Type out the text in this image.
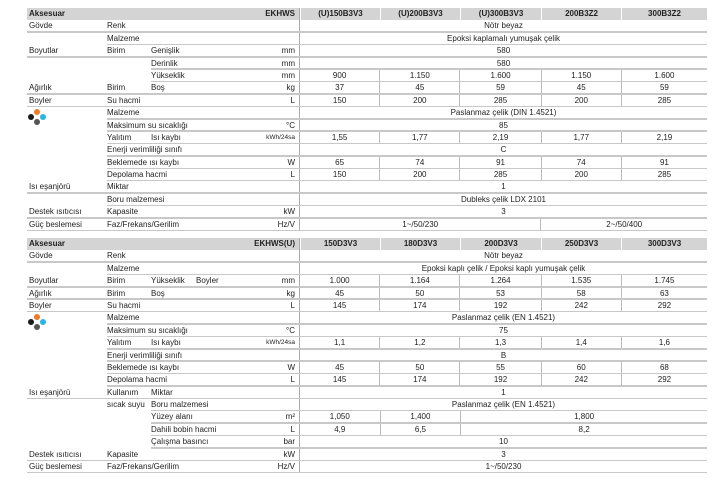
Aksesuar	EKHWS	(U)150B3V3	(U)200B3V3	(U)300B3V3	200B3Z2	300B3Z2
Gövde	Renk	Nötr beyaz
Malzeme	Epoksi kaplamalı yumuşak çelik
Boyutlar	Birim	Genişlik	mm	580
Derinlik	mm	580
Yükseklik	mm	900	1.150	1.600	1.150	1.600
Ağırlık	Birim	Boş	kg	37	45	59	45	59
Boyler	Su hacmi	L	150	200	285	200	285
Malzeme	Paslanmaz çelik (DIN 1.4521)
Maksimum su sıcaklığı	°C	85
Yalıtım Isı kaybı	kWh/24sa	1,55	1,77	2,19	1,77	2,19
Enerji verimliliği sınıfı	C
Beklemede ısı kaybı	W	65	74	91	74	91
Depolama hacmi	L	150	200	285	200	285
Isı eşanjörü	Miktar	1
Boru malzemesi	Dubleks çelik LDX 2101
Destek ısıtıcısı	Kapasite	kW	3
Güç beslemesi	Faz/Frekans/Gerilim	Hz/V	1~/50/230	2~/50/400
Aksesuar	EKHWS(U)	150D3V3	180D3V3	200D3V3	250D3V3	300D3V3
Gövde	Renk	Nötr beyaz
Malzeme	Epoksi kaplı çelik / Epoksi kaplı yumuşak çelik
Boyutlar	Birim	Yükseklik Boyler	mm	1.000	1.164	1.264	1.535	1.745
Ağırlık	Birim	Boş	kg	45	50	53	58	63
Boyler	Su hacmi	L	145	174	192	242	292
Malzeme	Paslanmaz çelik (EN 1.4521)
Maksimum su sıcaklığı	°C	75
Yalıtım Isı kaybı	kWh/24sa	1,1	1,2	1,3	1,4	1,6
Enerji verimliliği sınıfı	B
Beklemede ısı kaybı	W	45	50	55	60	68
Depolama hacmi	L	145	174	192	242	292
Isı eşanjörü	Kullanım Miktar	1
sıcak suyu Boru malzemesi	Paslanmaz çelik (EN 1.4521)
Yüzey alanı	m²	1,050	1,400	1,800
Dahili bobin hacmi	L	4,9	6,5	8,2
Çalışma basıncı	bar	10
Destek ısıtıcısı	Kapasite	kW	3
Güç beslemesi	Faz/Frekans/Gerilim	Hz/V	1~/50/230
